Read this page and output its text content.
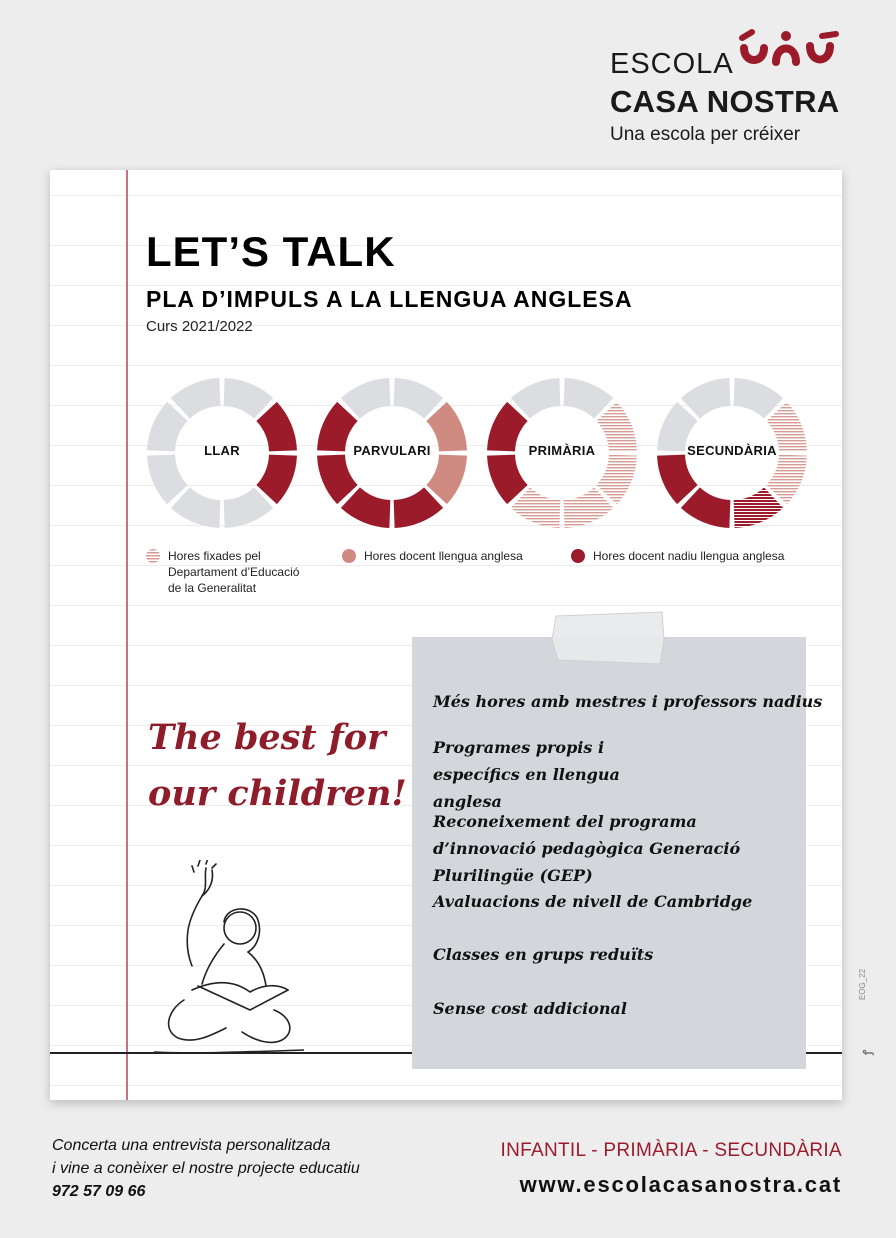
ESCOLA
CASA NOSTRA
Una escola per créixer
LET’S TALK
PLA D’IMPULS A LA LLENGUA ANGLESA
Curs 2021/2022
LLAR	PARVULARI	PRIMÀRIA	SECUNDÀRIA
Hores fixades pel Departament d’Educació de la Generalitat
Hores docent llengua anglesa	Hores docent nadiu llengua anglesa
The best for
our children!
Més hores amb mestres i professors nadius
Programes propis i específics en llengua anglesa
Reconeixement del programa d’innovació pedagògica Generació Plurilingüe (GEP)
Avaluacions de nivell de Cambridge
Classes en grups reduïts
Sense cost addicional
EOG_22
ꝭ
Concerta una entrevista personalitzada
i vine a conèixer el nostre projecte educatiu
972 57 09 66
INFANTIL - PRIMÀRIA - SECUNDÀRIA
www.escolacasanostra.cat
